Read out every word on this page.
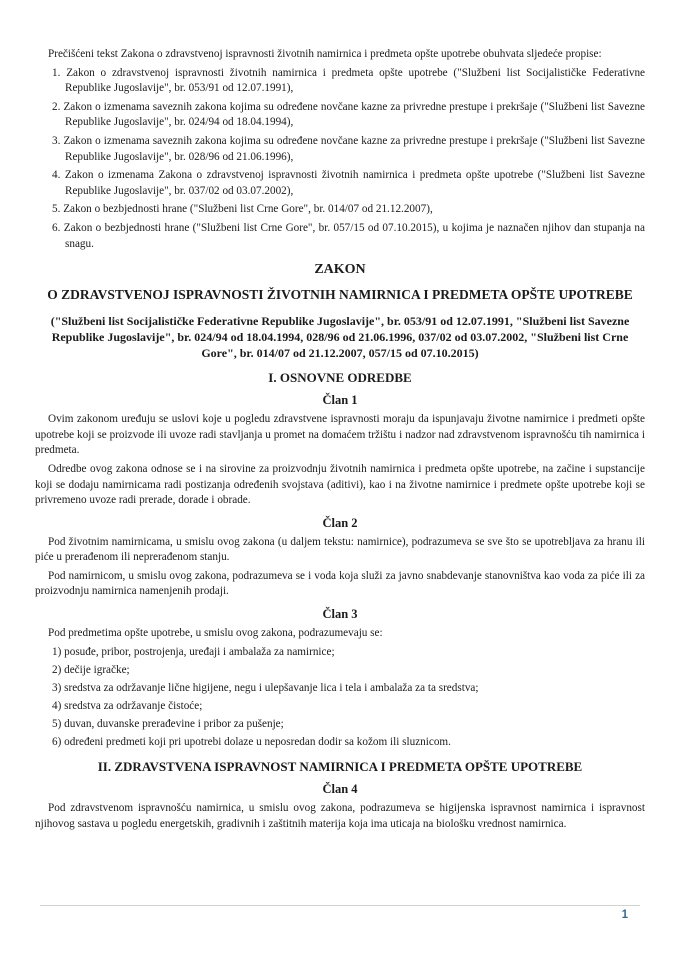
Prečišćeni tekst Zakona o zdravstvenoj ispravnosti životnih namirnica i predmeta opšte upotrebe obuhvata sljedeće propise:

1. Zakon o zdravstvenoj ispravnosti životnih namirnica i predmeta opšte upotrebe ("Službeni list Socijalističke Federativne Republike Jugoslavije", br. 053/91 od 12.07.1991),

2. Zakon o izmenama saveznih zakona kojima su određene novčane kazne za privredne prestupe i prekršaje ("Službeni list Savezne Republike Jugoslavije", br. 024/94 od 18.04.1994),

3. Zakon o izmenama saveznih zakona kojima su određene novčane kazne za privredne prestupe i prekršaje ("Službeni list Savezne Republike Jugoslavije", br. 028/96 od 21.06.1996),

4. Zakon o izmenama Zakona o zdravstvenoj ispravnosti životnih namirnica i predmeta opšte upotrebe ("Službeni list Savezne Republike Jugoslavije", br. 037/02 od 03.07.2002),

5. Zakon o bezbjednosti hrane ("Službeni list Crne Gore", br. 014/07 od 21.12.2007),

6. Zakon o bezbjednosti hrane ("Službeni list Crne Gore", br. 057/15 od 07.10.2015), u kojima je naznačen njihov dan stupanja na snagu.

ZAKON

O ZDRAVSTVENOJ ISPRAVNOSTI ŽIVOTNIH NAMIRNICA I PREDMETA OPŠTE UPOTREBE

("Službeni list Socijalističke Federativne Republike Jugoslavije", br. 053/91 od 12.07.1991, "Službeni list Savezne Republike Jugoslavije", br. 024/94 od 18.04.1994, 028/96 od 21.06.1996, 037/02 od 03.07.2002, "Službeni list Crne Gore", br. 014/07 od 21.12.2007, 057/15 od 07.10.2015)

I. OSNOVNE ODREDBE

Član 1

Ovim zakonom uređuju se uslovi koje u pogledu zdravstvene ispravnosti moraju da ispunjavaju životne namirnice i predmeti opšte upotrebe koji se proizvode ili uvoze radi stavljanja u promet na domaćem tržištu i nadzor nad zdravstvenom ispravnošću tih namirnica i predmeta.

Odredbe ovog zakona odnose se i na sirovine za proizvodnju životnih namirnica i predmeta opšte upotrebe, na začine i supstancije koji se dodaju namirnicama radi postizanja određenih svojstava (aditivi), kao i na životne namirnice i predmete opšte upotrebe koji se privremeno uvoze radi prerade, dorade i obrade.

Član 2

Pod životnim namirnicama, u smislu ovog zakona (u daljem tekstu: namirnice), podrazumeva se sve što se upotrebljava za hranu ili piće u prerađenom ili neprerađenom stanju.

Pod namirnicom, u smislu ovog zakona, podrazumeva se i voda koja služi za javno snabdevanje stanovništva kao voda za piće ili za proizvodnju namirnica namenjenih prodaji.

Član 3

Pod predmetima opšte upotrebe, u smislu ovog zakona, podrazumevaju se:

1) posuđe, pribor, postrojenja, uređaji i ambalaža za namirnice;

2) dečije igračke;

3) sredstva za održavanje lične higijene, negu i ulepšavanje lica i tela i ambalaža za ta sredstva;

4) sredstva za održavanje čistoće;

5) duvan, duvanske prerađevine i pribor za pušenje;

6) određeni predmeti koji pri upotrebi dolaze u neposredan dodir sa kožom ili sluznicom.

II. ZDRAVSTVENA ISPRAVNOST NAMIRNICA I PREDMETA OPŠTE UPOTREBE

Član 4

Pod zdravstvenom ispravnošću namirnica, u smislu ovog zakona, podrazumeva se higijenska ispravnost namirnica i ispravnost njihovog sastava u pogledu energetskih, gradivnih i zaštitnih materija koja ima uticaja na biološku vrednost namirnica.

1
